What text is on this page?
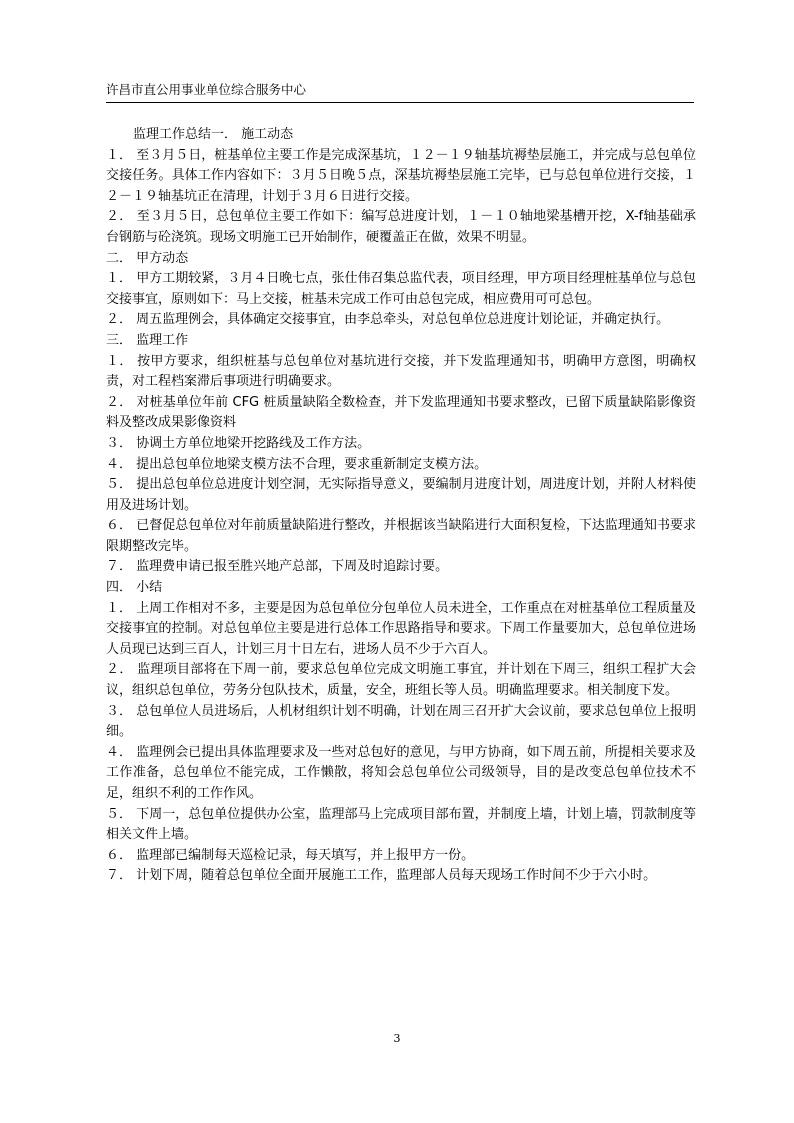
许昌市直公用事业单位综合服务中心

监理工作总结一． 施工动态

１． 至３月５日，桩基单位主要工作是完成深基坑，１２－１９轴基坑褥垫层施工，并完成与总包单位交接任务。具体工作内容如下：３月５日晚５点，深基坑褥垫层施工完毕，已与总包单位进行交接，１２－１９轴基坑正在清理，计划于３月６日进行交接。

２． 至３月５日，总包单位主要工作如下：编写总进度计划，１－１０轴地梁基槽开挖，X-f轴基础承台钢筋与砼浇筑。现场文明施工已开始制作，硬覆盖正在做，效果不明显。

二． 甲方动态

１． 甲方工期较紧，３月４日晚七点，张仕伟召集总监代表，项目经理，甲方项目经理桩基单位与总包交接事宜，原则如下：马上交接，桩基未完成工作可由总包完成，相应费用可可总包。

２． 周五监理例会，具体确定交接事宜，由李总牵头，对总包单位总进度计划论证，并确定执行。

三． 监理工作

１． 按甲方要求，组织桩基与总包单位对基坑进行交接，并下发监理通知书，明确甲方意图，明确权责，对工程档案滞后事项进行明确要求。

２． 对桩基单位年前 CFG 桩质量缺陷全数检查，并下发监理通知书要求整改，已留下质量缺陷影像资料及整改成果影像资料

３． 协调土方单位地梁开挖路线及工作方法。

４． 提出总包单位地梁支模方法不合理，要求重新制定支模方法。

５． 提出总包单位总进度计划空洞，无实际指导意义，要编制月进度计划，周进度计划，并附人材料使用及进场计划。

６． 已督促总包单位对年前质量缺陷进行整改，并根据该当缺陷进行大面积复检，下达监理通知书要求限期整改完毕。

７． 监理费申请已报至胜兴地产总部，下周及时追踪讨要。

四． 小结

１． 上周工作相对不多，主要是因为总包单位分包单位人员未进全，工作重点在对桩基单位工程质量及交接事宜的控制。对总包单位主要是进行总体工作思路指导和要求。下周工作量要加大，总包单位进场人员现已达到三百人，计划三月十日左右，进场人员不少于六百人。

２． 监理项目部将在下周一前，要求总包单位完成文明施工事宜，并计划在下周三，组织工程扩大会议，组织总包单位，劳务分包队技术，质量，安全，班组长等人员。明确监理要求。相关制度下发。

３． 总包单位人员进场后，人机材组织计划不明确，计划在周三召开扩大会议前，要求总包单位上报明细。

４． 监理例会已提出具体监理要求及一些对总包好的意见，与甲方协商，如下周五前，所提相关要求及工作准备，总包单位不能完成，工作懒散，将知会总包单位公司级领导，目的是改变总包单位技术不足，组织不利的工作作风。

５． 下周一，总包单位提供办公室，监理部马上完成项目部布置，并制度上墙，计划上墙，罚款制度等相关文件上墙。

６． 监理部已编制每天巡检记录，每天填写，并上报甲方一份。

７． 计划下周，随着总包单位全面开展施工工作，监理部人员每天现场工作时间不少于六小时。

3
